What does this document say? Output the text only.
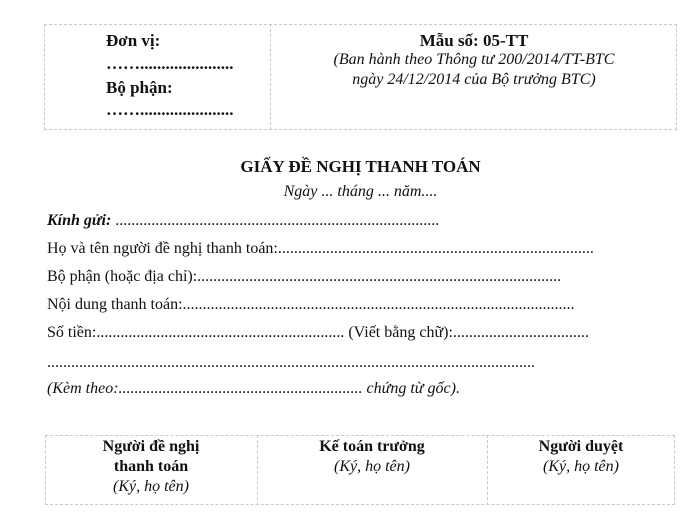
Đơn vị:
……......................
Bộ phận:
……......................
Mẫu số: 05-TT
(Ban hành theo Thông tư 200/2014/TT-BTC
ngày 24/12/2014 của Bộ trưởng BTC)
GIẤY ĐỀ NGHỊ THANH TOÁN
Ngày ... tháng ... năm....
Kính gửi: .................................................................................
Họ và tên người đề nghị thanh toán:...............................................................................
Bộ phận (hoặc địa chỉ):...........................................................................................
Nội dung thanh toán:..................................................................................................
Số tiền:.............................................................. (Viết bằng chữ):..................................
..........................................................................................................................
(Kèm theo:............................................................. chứng từ gốc).
Người đề nghị
thanh toán
(Ký, họ tên)
Kế toán trưởng
(Ký, họ tên)
Người duyệt
(Ký, họ tên)
